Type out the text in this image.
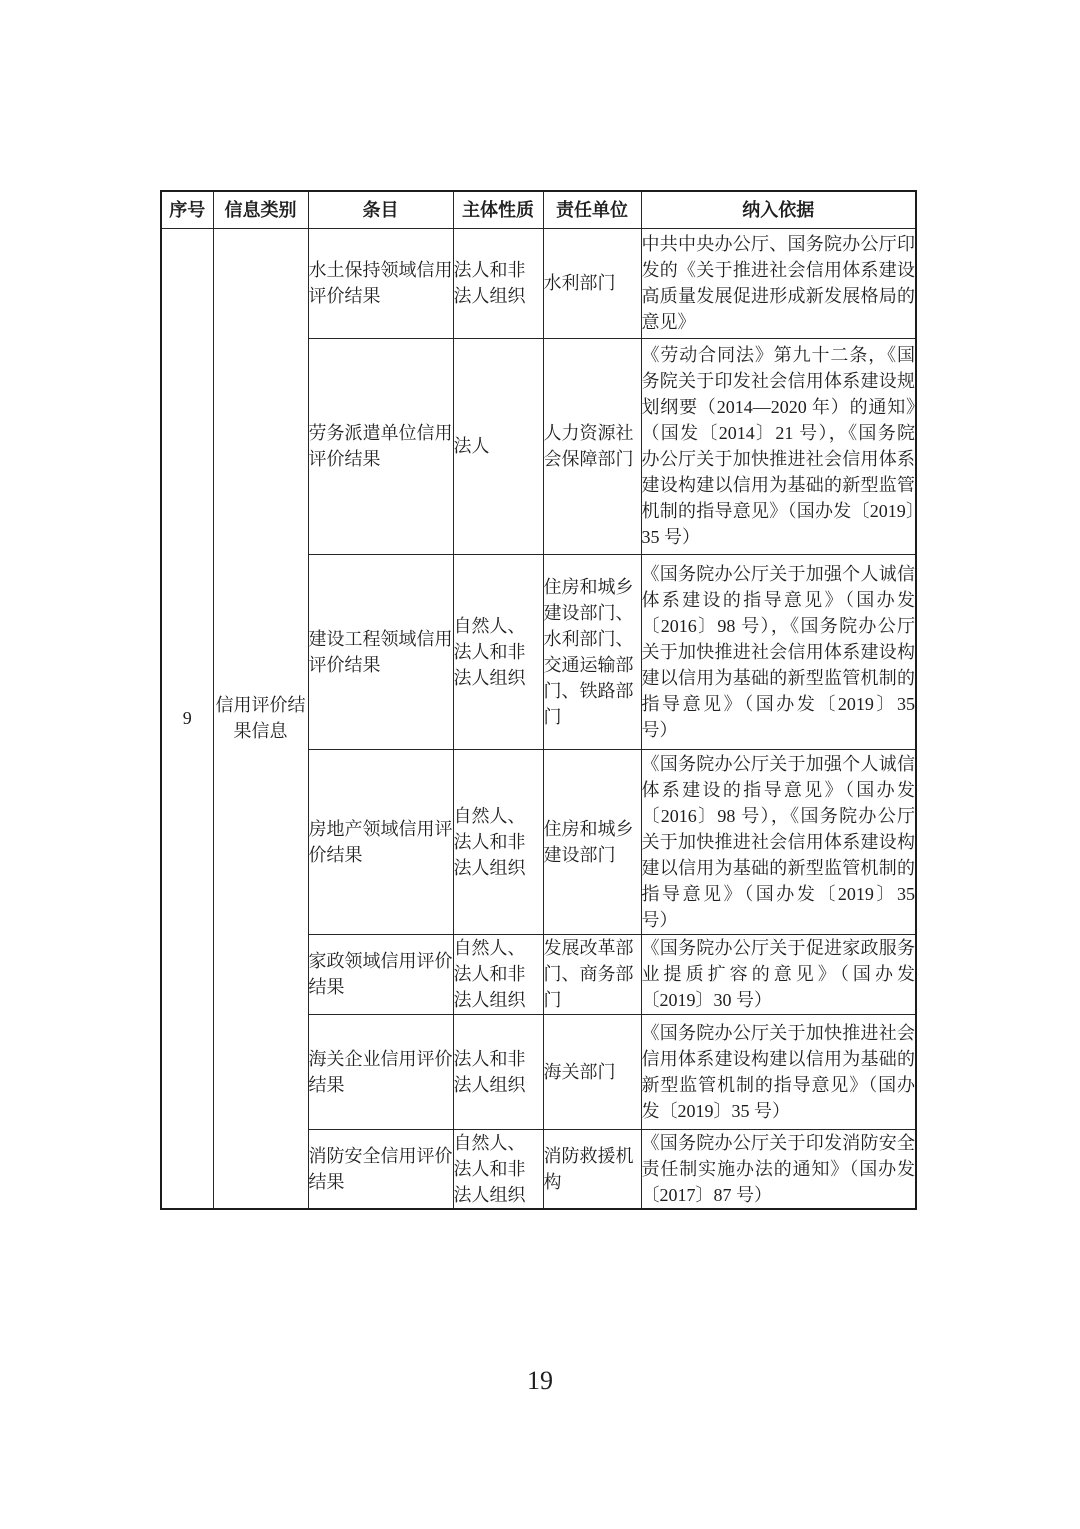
序号	信息类别	条目	主体性质	责任单位	纳入依据
9	信用评价结果信息	水土保持领域信用评价结果	法人和非法人组织	水利部门	中共中央办公厅、国务院办公厅印发的《关于推进社会信用体系建设高质量发展促进形成新发展格局的意见》
		劳务派遣单位信用评价结果	法人	人力资源社会保障部门	《劳动合同法》第九十二条，《国务院关于印发社会信用体系建设规划纲要（2014—2020 年）的通知》（国发〔2014〕21 号），《国务院办公厅关于加快推进社会信用体系建设构建以信用为基础的新型监管机制的指导意见》（国办发〔2019〕35 号）
		建设工程领域信用评价结果	自然人、法人和非法人组织	住房和城乡建设部门、水利部门、交通运输部门、铁路部门	《国务院办公厅关于加强个人诚信体系建设的指导意见》（国办发〔2016〕98 号），《国务院办公厅关于加快推进社会信用体系建设构建以信用为基础的新型监管机制的指导意见》（国办发〔2019〕35 号）
		房地产领域信用评价结果	自然人、法人和非法人组织	住房和城乡建设部门	《国务院办公厅关于加强个人诚信体系建设的指导意见》（国办发〔2016〕98 号），《国务院办公厅关于加快推进社会信用体系建设构建以信用为基础的新型监管机制的指导意见》（国办发〔2019〕35 号）
		家政领域信用评价结果	自然人、法人和非法人组织	发展改革部门、商务部门	《国务院办公厅关于促进家政服务业提质扩容的意见》（国办发〔2019〕30 号）
		海关企业信用评价结果	法人和非法人组织	海关部门	《国务院办公厅关于加快推进社会信用体系建设构建以信用为基础的新型监管机制的指导意见》（国办发〔2019〕35 号）
		消防安全信用评价结果	自然人、法人和非法人组织	消防救援机构	《国务院办公厅关于印发消防安全责任制实施办法的通知》（国办发〔2017〕87 号）
19
